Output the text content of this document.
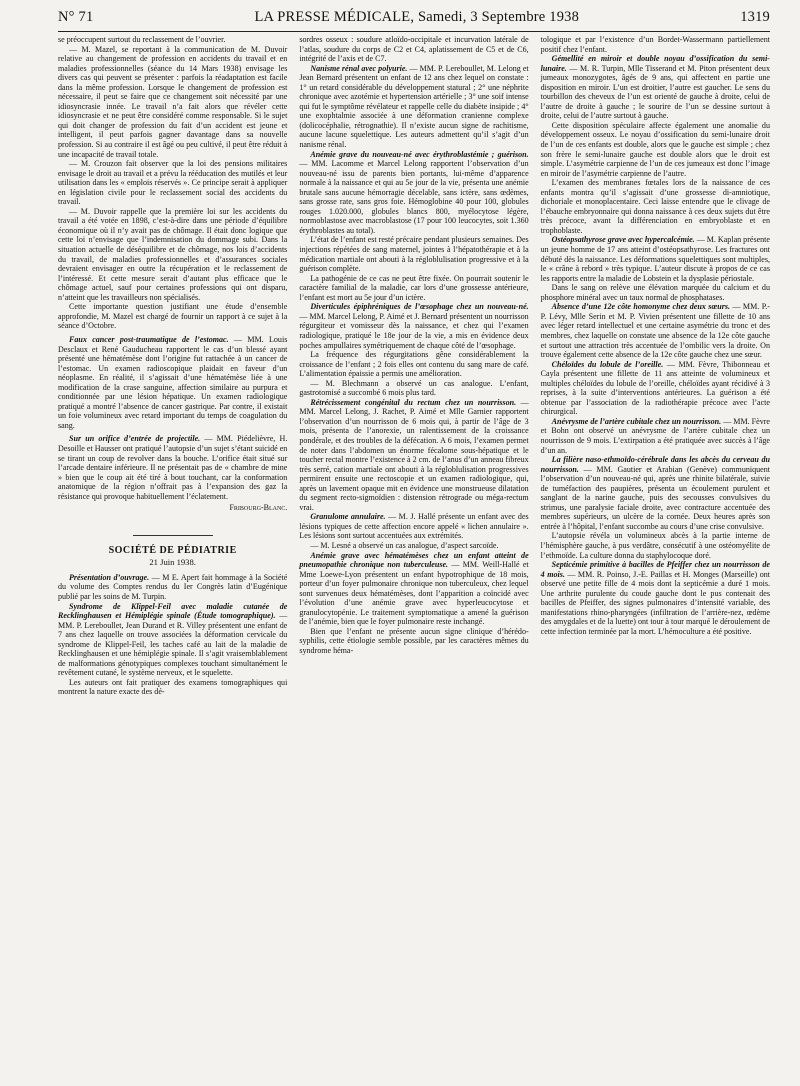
N° 71	LA PRESSE MÉDICALE, Samedi, 3 Septembre 1938	1319

se préoccupent surtout du reclassement de l’ouvrier.

— M. Mazel, se reportant à la communication de M. Duvoir relative au changement de profession en accidents du travail et en maladies professionnelles (séance du 14 Mars 1938) envisage les divers cas qui peuvent se présenter : parfois la réadaptation est facile dans la même profession. Lorsque le changement de profession est nécessaire, il peut se faire que ce changement soit nécessité par une idiosyncrasie innée. Le travail n’a fait alors que révéler cette idiosyncrasie et ne peut être considéré comme responsable. Si le sujet qui doit changer de profession du fait d’un accident est jeune et intelligent, il peut parfois gagner davantage dans sa nouvelle profession. Si au contraire il est âgé ou peu cultivé, il peut être réduit à une incapacité de travail totale.

— M. Crouzon fait observer que la loi des pensions militaires envisage le droit au travail et a prévu la rééducation des mutilés et leur utilisation dans les « emplois réservés ». Ce principe serait à appliquer en législation civile pour le reclassement social des accidents du travail.

— M. Duvoir rappelle que la première loi sur les accidents du travail a été votée en 1898, c’est-à-dire dans une période d’équilibre économique où il n’y avait pas de chômage. Il était donc logique que cette loi n’envisage que l’indemnisation du dommage subi. Dans la situation actuelle de déséquilibre et de chômage, nos lois d’accidents du travail, de maladies professionnelles et d’assurances sociales devraient envisager en outre la récupération et le reclassement de l’intéressé. Et cette mesure serait d’autant plus efficace que le chômage actuel, sauf pour certaines professions qui ont disparu, n’atteint que les travailleurs non spécialisés.

Cette importante question justifiant une étude d’ensemble approfondie, M. Mazel est chargé de fournir un rapport à ce sujet à la séance d’Octobre.

Faux cancer post-traumatique de l’estomac. — MM. Louis Desclaux et René Gauducheau rapportent le cas d’un blessé ayant présenté une hématémèse dont l’origine fut rattachée à un cancer de l’estomac. Un examen radioscopique plaidait en faveur d’un néoplasme. En réalité, il s’agissait d’une hématémèse liée à une modification de la crase sanguine, affection similaire au purpura et conditionnée par une lésion hépatique. Un examen radiologique pratiqué a montré l’absence de cancer gastrique. Par contre, il existait un foie volumineux avec retard important du temps de coagulation du sang.

Sur un orifice d’entrée de projectile. — MM. Piédelièvre, H. Desoille et Hausser ont pratiqué l’autopsie d’un sujet s’étant suicidé en se tirant un coup de revolver dans la bouche. L’orifice était situé sur l’arcade dentaire inférieure. Il ne présentait pas de « chambre de mine » bien que le coup ait été tiré à bout touchant, car la conformation anatomique de la région n’offrait pas à l’expansion des gaz la résistance qui provoque habituellement l’éclatement.

Fribourg-Blanc.
SOCIÉTÉ DE PÉDIATRIE
21 Juin 1938.

Présentation d’ouvrage. — M E. Apert fait hommage à la Société du volume des Comptes rendus du Ier Congrès latin d’Eugénique publié par les soins de M. Turpin.

Syndrome de Klippel-Feil avec maladie cutanée de Recklinghausen et Hémiplégie spinale (Étude tomographique). — MM. P. Lereboullet, Jean Durand et R. Villey présentent une enfant de 7 ans chez laquelle on trouve associées la déformation cervicale du syndrome de Klippel-Feil, les taches café au lait de la maladie de Recklinghausen et une hémiplégie spinale. Il s’agit vraisemblablement de malformations génotypiques complexes touchant simultanément le revêtement cutané, le système nerveux, et le squelette.

Les auteurs ont fait pratiquer des examens tomographiques qui montrent la nature exacte des dé-

sordres osseux : soudure atloïdo-occipitale et incurvation latérale de l’atlas, soudure du corps de C2 et C4, aplatissement de C5 et de C6, intégrité de l’axis et de C7.

Nanisme rénal avec polyurie. — MM. P. Lereboullet, M. Lelong et Jean Bernard présentent un enfant de 12 ans chez lequel on constate : 1° un retard considérable du développement statural ; 2° une néphrite chronique avec azotémie et hypertension artérielle ; 3° une soif intense qui fut le symptôme révélateur et rappelle celle du diabète insipide ; 4° une exophtalmie associée à une déformation cranienne complexe (dolicocéphalie, rétrognathie). Il n’existe aucun signe de rachitisme, aucune lacune squelettique. Les auteurs admettent qu’il s’agit d’un nanisme rénal.

Anémie grave du nouveau-né avec érythroblastémie ; guérison. — MM. Lacomme et Marcel Lelong rapportent l’observation d’un nouveau-né issu de parents bien portants, lui-même d’apparence normale à la naissance et qui au 5e jour de la vie, présenta une anémie brutale sans aucune hémorragie décelable, sans ictère, sans œdèmes, sans grosse rate, sans gros foie. Hémoglobine 40 pour 100, globules rouges 1.020.000, globules blancs 800, myélocytose légère, normoblastose avec macroblastose (17 pour 100 leucocytes, soit 1.360 érythroblastes au total).

L’état de l’enfant est resté précaire pendant plusieurs semaines. Des injections répétées de sang maternel, jointes à l’hépatothérapie et à la médication martiale ont abouti à la régloblulisation progressive et à la guérison complète.

La pathogénie de ce cas ne peut être fixée. On pourrait soutenir le caractère familial de la maladie, car lors d’une grossesse antérieure, l’enfant est mort au 5e jour d’un ictère.

Diverticules épiphréniques de l’œsophage chez un nouveau-né. — MM. Marcel Lelong, P. Aimé et J. Bernard présentent un nourrisson régurgiteur et vomisseur dès la naissance, et chez qui l’examen radiologique, pratiqué le 18e jour de la vie, a mis en évidence deux poches ampullaires symétriquement de chaque côté de l’œsophage.

La fréquence des régurgitations gêne considérablement la croissance de l’enfant ; 2 fois elles ont contenu du sang mare de café. L’alimentation épaissie a permis une amélioration.

— M. Blechmann a observé un cas analogue. L’enfant, gastrotomisé a succombé 6 mois plus tard.

Rétrécissement congénital du rectum chez un nourrisson. — MM. Marcel Lelong, J. Rachet, P. Aimé et Mlle Garnier rapportent l’observation d’un nourrisson de 6 mois qui, à partir de l’âge de 3 mois, présenta de l’anorexie, un ralentissement de la croissance pondérale, et des troubles de la défécation. A 6 mois, l’examen permet de noter dans l’abdomen un énorme fécalome sous-hépatique et le toucher rectal montre l’existence à 2 cm. de l’anus d’un anneau fibreux très serré, cation martiale ont abouti à la régloblulisation progressives permirent ensuite une rectoscopie et un examen radiologique, qui, après un lavement opaque mit en évidence une monstrueuse dilatation du segment recto-sigmoïdien : distension rétrograde ou méga-rectum vrai.

Granulome annulaire. — M. J. Hallé présente un enfant avec des lésions typiques de cette affection encore appelé « lichen annulaire ». Les lésions sont surtout accentuées aux extrémités.

— M. Lesné a observé un cas analogue, d’aspect sarcoïde.

Anémie grave avec hématémèses chez un enfant atteint de pneumopathie chronique non tuberculeuse. — MM. Weill-Hallé et Mme Loewe-Lyon présentent un enfant hypotrophique de 18 mois, porteur d’un foyer pulmonaire chronique non tuberculeux, chez lequel sont survenues deux hématémèses, dont l’apparition a coïncidé avec l’évolution d’une anémie grave avec hyperleucocytose et granulocytopénie. Le traitement symptomatique a amené la guérison de l’anémie, bien que le foyer pulmonaire reste inchangé.

Bien que l’enfant ne présente aucun signe clinique d’hérédo-syphilis, cette étiologie semble possible, par les caractères mêmes du syndrome héma-

tologique et par l’existence d’un Bordet-Wassermann partiellement positif chez l’enfant.

Gémellité en miroir et double noyau d’ossification du semi-lunaire. — M. R. Turpin, Mlle Tisserand et M. Piton présentent deux jumeaux monozygotes, âgés de 9 ans, qui affectent en partie une disposition en miroir. L’un est droitier, l’autre est gaucher. Le sens du tourbillon des cheveux de l’un est orienté de gauche à droite, celui de l’autre de droite à gauche ; le sourire de l’un se dessine surtout à droite, celui de l’autre surtout à gauche.

Cette disposition spéculaire affecte également une anomalie du développement osseux. Le noyau d’ossification du semi-lunaire droit de l’un de ces enfants est double, alors que le gauche est simple ; chez son frère le semi-lunaire gauche est double alors que le droit est simple. L’asymétrie carpienne de l’un de ces jumeaux est donc l’image en miroir de l’asymétrie carpienne de l’autre.

L’examen des membranes fœtales lors de la naissance de ces enfants montra qu’il s’agissait d’une grossesse di-amniotique, dichoriale et monoplacentaire. Ceci laisse entendre que le clivage de l’ébauche embryonnaire qui donna naissance à ces deux sujets dut être très précoce, avant la différenciation en embryoblaste et en trophoblaste.

Ostéopsathyrose grave avec hypercalcémie. — M. Kaplan présente un jeune homme de 17 ans atteint d’ostéopsathyrose. Les fractures ont débuté dès la naissance. Les déformations squelettiques sont multiples, le « crâne à rebord » très typique. L’auteur discute à propos de ce cas les rapports entre la maladie de Lobstein et la dysplasie périostale.

Dans le sang on relève une élévation marquée du calcium et du phosphore minéral avec un taux normal de phosphatases.

Absence d’une 12e côte homonyme chez deux sœurs. — MM. P.-P. Lévy, Mlle Serin et M. P. Vivien présentent une fillette de 10 ans avec léger retard intellectuel et une certaine asymétrie du tronc et des membres, chez laquelle on constate une absence de la 12e côte gauche et surtout une attraction très accentuée de l’ombilic vers la droite. On trouve également cette absence de la 12e côte gauche chez une sœur.

Chéloïdes du lobule de l’oreille. — MM. Fèvre, Thibonneau et Cayla présentent une fillette de 11 ans atteinte de volumineux et multiples chéloïdes du lobule de l’oreille, chéloïdes ayant récidivé à 3 reprises, à la suite d’interventions antérieures. La guérison a été obtenue par l’association de la radiothérapie précoce avec l’acte chirurgical.

Anévrysme de l’artère cubitale chez un nourrisson. — MM. Fèvre et Bohn ont observé un anévrysme de l’artère cubitale chez un nourrisson de 9 mois. L’extirpation a été pratiquée avec succès à l’âge d’un an.

La filière naso-ethmoïdo-cérébrale dans les abcès du cerveau du nourrisson. — MM. Gautier et Arabian (Genève) communiquent l’observation d’un nouveau-né qui, après une rhinite bilatérale, suivie de tuméfaction des paupières, présenta un écoulement purulent et sanglant de la narine gauche, puis des secousses convulsives du strimus, une paralysie faciale droite, avec contracture accentuée des membres supérieurs, un ulcère de la cornée. Deux heures après son entrée à l’hôpital, l’enfant succombe au cours d’une crise convulsive.

L’autopsie révéla un volumineux abcès à la partie interne de l’hémisphère gauche, à pus verdâtre, consécutif à une ostéomyélite de l’ethmoïde. La culture donna du staphylocoque doré.

Septicémie primitive à bacilles de Pfeiffer chez un nourrisson de 4 mois. — MM. R. Poinso, J.-E. Paillas et H. Monges (Marseille) ont observé une petite fille de 4 mois dont la septicémie a duré 1 mois. Une arthrite purulente du coude gauche dont le pus contenait des bacilles de Pfeiffer, des signes pulmonaires d’intensité variable, des manifestations rhino-pharyngées (infiltration de l’arrière-nez, œdème des amygdales et de la luette) ont tour à tour marqué le déroulement de cette infection terminée par la mort. L’hémoculture a été positive.
